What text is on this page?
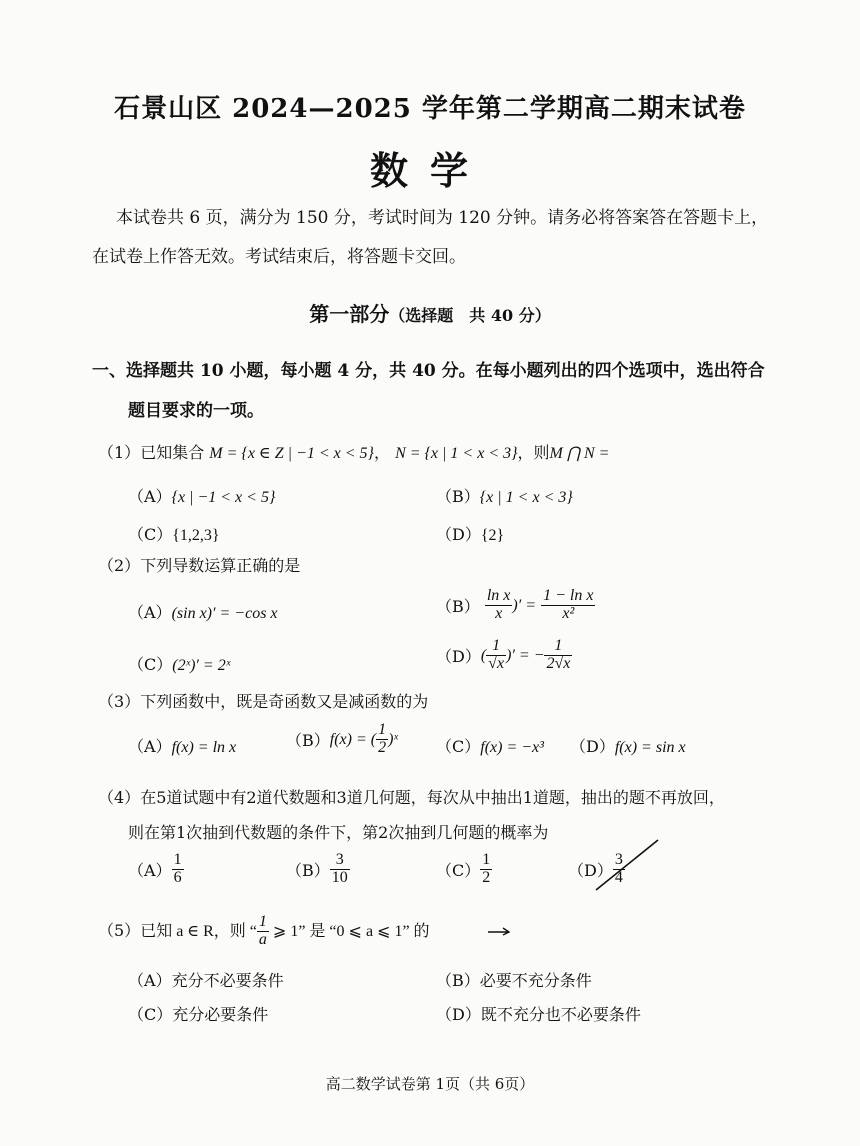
石景山区 2024—2025 学年第二学期高二期末试卷
数学
本试卷共 6 页，满分为 150 分，考试时间为 120 分钟。请务必将答案答在答题卡上，
在试卷上作答无效。考试结束后，将答题卡交回。
第一部分（选择题　共 40 分）
一、选择题共 10 小题，每小题 4 分，共 40 分。在每小题列出的四个选项中，选出符合
题目要求的一项。
（1）已知集合 M = {x ∈ Z | −1 < x < 5}， N = {x | 1 < x < 3}，则M ⋂ N =
（A）{x | −1 < x < 5}	（B）{x | 1 < x < 3}
（C）{1,2,3}	（D）{2}
（2）下列导数运算正确的是
（A）(sin x)′ = −cos x	$(B) \frac{\text{ln x}}{x}$ )′ = $\frac{\text{1 − ln x}}{\text{x²}}$
（C）(2ˣ)′ = 2ˣ	$(D)( \frac{1}{√x}$ )′ = − $\frac{1}{2√x}$
（3）下列函数中，既是奇函数又是减函数的为
（A）f(x) = ln x	（B）f(x) = ( $\frac{1}{2}$ )ˣ （C）f(x) = −x³ （D）f(x) = sin x
（4）在5道试题中有2道代数题和3道几何题，每次从中抽出1道题，抽出的题不再放回，
则在第1次抽到代数题的条件下，第2次抽到几何题的概率为
$(A) \frac{1}{6}$	$(B) \frac{3}{10}$	$(C) \frac{1}{2}$	$(D) \frac{3}{4}$
（5）已知 a ∈ R，则 “ $\frac{1}{a}$ ⩾ 1” 是 “0 ⩽ a ⩽ 1” 的
（A）充分不必要条件	（B）必要不充分条件
（C）充分必要条件	（D）既不充分也不必要条件
高二数学试卷第 1页（共 6页）
